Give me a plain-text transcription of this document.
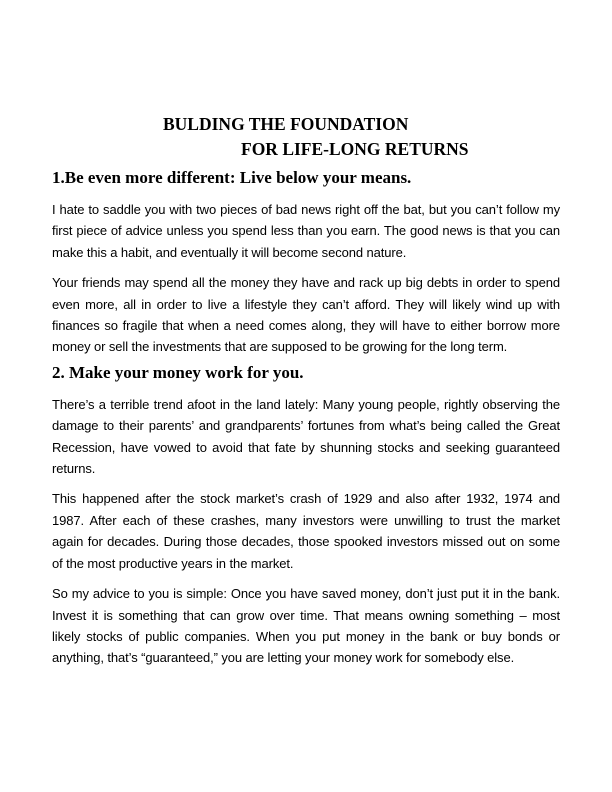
BULDING THE FOUNDATION
FOR LIFE-LONG RETURNS
1.Be even more different: Live below your means.

I hate to saddle you with two pieces of bad news right off the bat, but you can’t follow my first piece of advice unless you spend less than you earn. The good news is that you can make this a habit, and eventually it will become second nature.

Your friends may spend all the money they have and rack up big debts in order to spend even more, all in order to live a lifestyle they can’t afford. They will likely wind up with finances so fragile that when a need comes along, they will have to either borrow more money or sell the investments that are supposed to be growing for the long term.

2. Make your money work for you.

There’s a terrible trend afoot in the land lately: Many young people, rightly observing the damage to their parents’ and grandparents’ fortunes from what’s being called the Great Recession, have vowed to avoid that fate by shunning stocks and seeking guaranteed returns.

This happened after the stock market’s crash of 1929 and also after 1932, 1974 and 1987. After each of these crashes, many investors were unwilling to trust the market again for decades. During those decades, those spooked investors missed out on some of the most productive years in the market.

So my advice to you is simple: Once you have saved money, don’t just put it in the bank. Invest it is something that can grow over time. That means owning something – most likely stocks of public companies. When you put money in the bank or buy bonds or anything, that’s “guaranteed,” you are letting your money work for somebody else.
